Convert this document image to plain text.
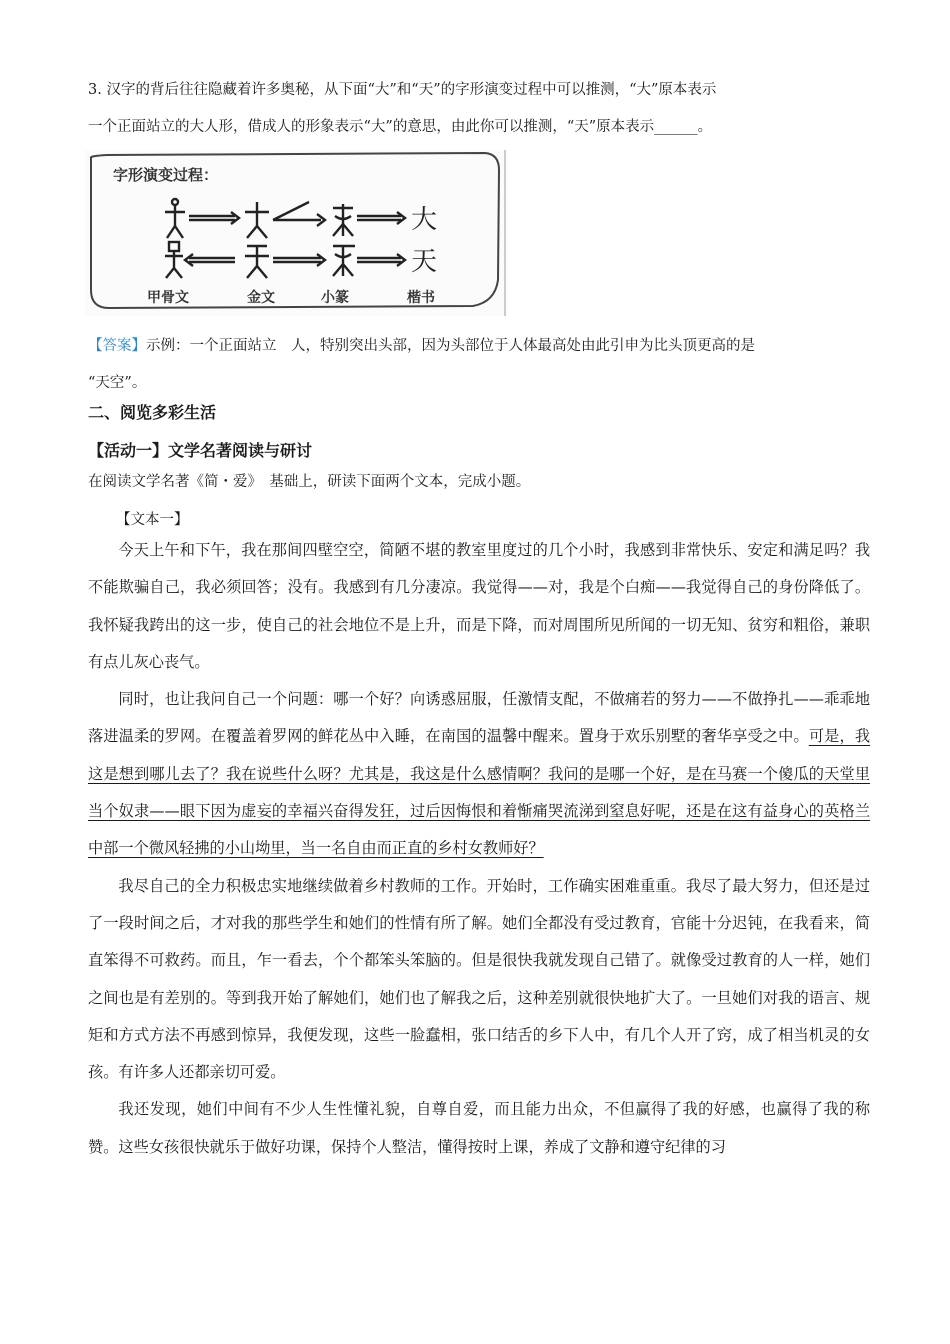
3. 汉字的背后往往隐藏着许多奥秘，从下面“大”和“天”的字形演变过程中可以推测，“大”原本表示
一个正面站立的大人形，借成人的形象表示“大”的意思，由此你可以推测，“天”原本表示______。
字形演变过程：
大
天
甲骨文	金文	小篆	楷书
【答案】示例：一个正面站立　人，特别突出头部，因为头部位于人体最高处由此引申为比头顶更高的是
“天空”。
二、阅览多彩生活
【活动一】文学名著阅读与研讨
在阅读文学名著《简・爱》　基础上，研读下面两个文本，完成小题。
【文本一】

今天上午和下午，我在那间四壁空空，简陋不堪的教室里度过的几个小时，我感到非常快乐、安定和满足吗？我不能欺骗自己，我必须回答；没有。我感到有几分凄凉。我觉得——对，我是个白痴——我觉得自己的身份降低了。我怀疑我跨出的这一步，使自己的社会地位不是上升，而是下降，而对周围所见所闻的一切无知、贫穷和粗俗，兼职有点儿灰心丧气。

同时，也让我问自己一个问题：哪一个好？向诱惑屈服，任激情支配，不做痛若的努力——不做挣扎——乖乖地落进温柔的罗网。在覆盖着罗网的鲜花丛中入睡，在南国的温馨中醒来。置身于欢乐别墅的奢华享受之中。可是，我这是想到哪儿去了？我在说些什么呀？尤其是，我这是什么感情啊？我问的是哪一个好，是在马赛一个傻瓜的天堂里当个奴隶——眼下因为虚妄的幸福兴奋得发狂，过后因悔恨和着惭痛哭流涕到窒息好呢，还是在这有益身心的英格兰中部一个微风轻拂的小山坳里，当一名自由而正直的乡村女教师好？

我尽自己的全力积极忠实地继续做着乡村教师的工作。开始时，工作确实困难重重。我尽了最大努力，但还是过了一段时间之后，才对我的那些学生和她们的性情有所了解。她们全都没有受过教育，官能十分迟钝，在我看来，简直笨得不可救药。而且，乍一看去，个个都笨头笨脑的。但是很快我就发现自己错了。就像受过教育的人一样，她们之间也是有差别的。等到我开始了解她们，她们也了解我之后，这种差别就很快地扩大了。一旦她们对我的语言、规矩和方式方法不再感到惊异，我便发现，这些一脸蠢相，张口结舌的乡下人中，有几个人开了窍，成了相当机灵的女孩。有许多人还都亲切可爱。

我还发现，她们中间有不少人生性懂礼貌，自尊自爱，而且能力出众，不但赢得了我的好感，也赢得了我的称赞。这些女孩很快就乐于做好功课，保持个人整洁，懂得按时上课，养成了文静和遵守纪律的习
